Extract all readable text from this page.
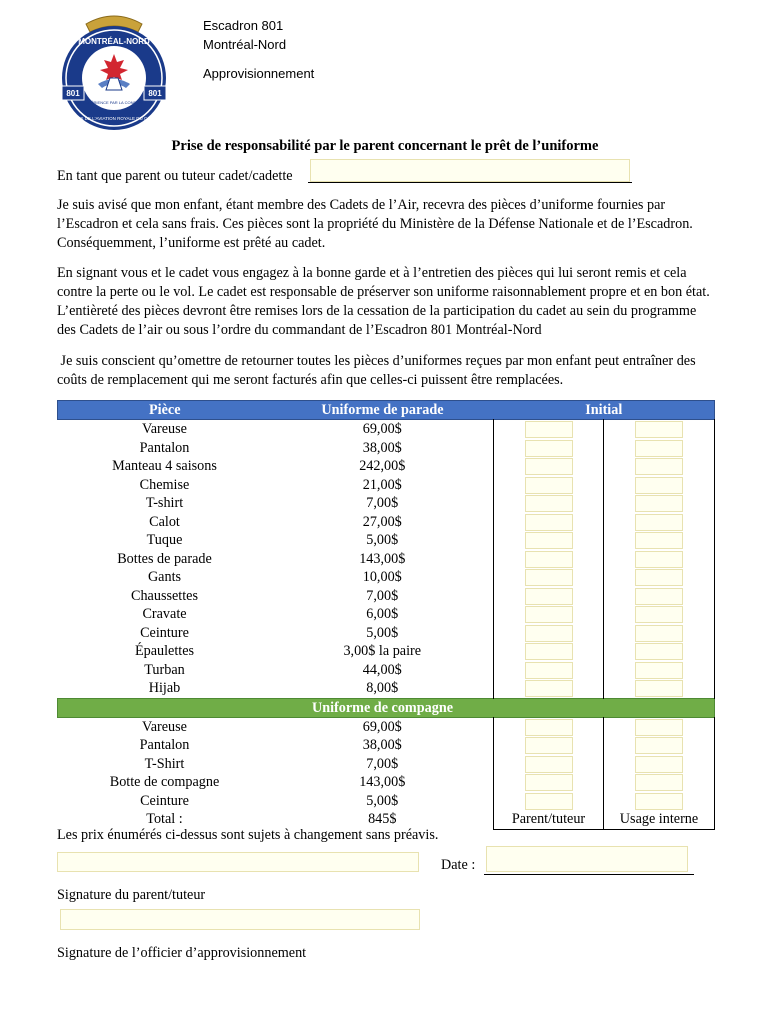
801	801
MONTRÉAL-NORD
CADETS DE L'AVIATION ROYALE DU CANADA
L'EXPÉRIENCE PAR LA CONFIANCE
Escadron 801
Montréal-Nord
Approvisionnement
Prise de responsabilité par le parent concernant le prêt de l’uniforme
En tant que parent ou tuteur cadet/cadette
Je suis avisé que mon enfant, étant membre des Cadets de l’Air, recevra des pièces d’uniforme fournies par l’Escadron et cela sans frais. Ces pièces sont la propriété du Ministère de la Défense Nationale et de l’Escadron. Conséquemment, l’uniforme est prêté au cadet.
En signant vous et le cadet vous engagez à la bonne garde et à l’entretien des pièces qui lui seront remis et cela contre la perte ou le vol. Le cadet est responsable de préserver son uniforme raisonnablement propre et en bon état. L’entièreté des pièces devront être remises lors de la cessation de la participation du cadet au sein du programme des Cadets de l’air ou sous l’ordre du commandant de l’Escadron 801 Montréal-Nord
Je suis conscient qu’omettre de retourner toutes les pièces d’uniformes reçues par mon enfant peut entraîner des coûts de remplacement qui me seront facturés afin que celles-ci puissent être remplacées.
Pièce	Uniforme de parade	Initial	
Vareuse	69,00$		
Pantalon	38,00$		
Manteau 4 saisons	242,00$		
Chemise	21,00$		
T-shirt	7,00$		
Calot	27,00$		
Tuque	5,00$		
Bottes de parade	143,00$		
Gants	10,00$		
Chaussettes	7,00$		
Cravate	6,00$		
Ceinture	5,00$		
Épaulettes	3,00$ la paire		
Turban	44,00$		
Hijab	8,00$		
	Uniforme de compagne		
Vareuse	69,00$		
Pantalon	38,00$		
T-Shirt	7,00$		
Botte de compagne	143,00$		
Ceinture	5,00$		
Total :	845$	Parent/tuteur	Usage interne
Les prix énumérés ci-dessus sont sujets à changement sans préavis.
Date :
Signature du parent/tuteur
Signature de l’officier d’approvisionnement
